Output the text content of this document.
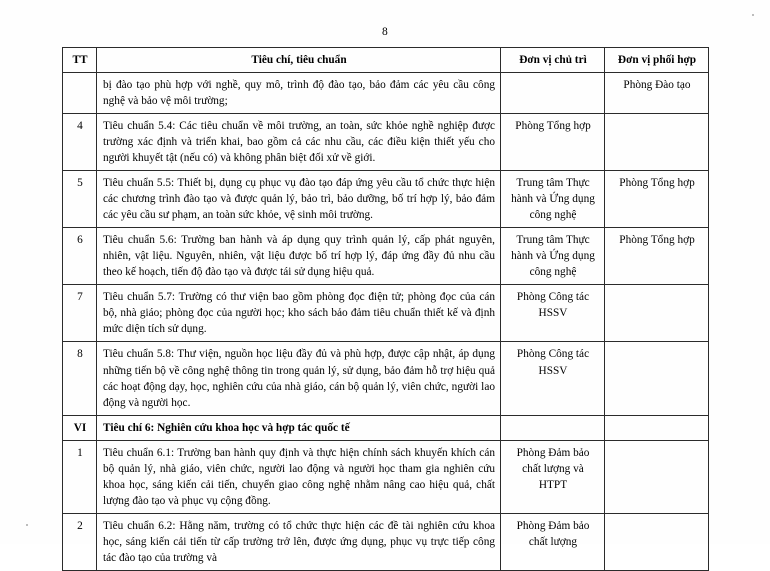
8
TT	Tiêu chí, tiêu chuẩn	Đơn vị chủ trì	Đơn vị phối hợp
	bị đào tạo phù hợp với nghề, quy mô, trình độ đào tạo, bảo đảm các yêu cầu công nghệ và bảo vệ môi trường;		Phòng Đào tạo
4	Tiêu chuẩn 5.4: Các tiêu chuẩn về môi trường, an toàn, sức khỏe nghề nghiệp được trường xác định và triển khai, bao gồm cả các nhu cầu, các điều kiện thiết yếu cho người khuyết tật (nếu có) và không phân biệt đối xử về giới.	Phòng Tổng hợp	
5	Tiêu chuẩn 5.5: Thiết bị, dụng cụ phục vụ đào tạo đáp ứng yêu cầu tổ chức thực hiện các chương trình đào tạo và được quản lý, bảo trì, bảo dưỡng, bố trí hợp lý, bảo đảm các yêu cầu sư phạm, an toàn sức khỏe, vệ sinh môi trường.	Trung tâm Thực hành và Ứng dụng công nghệ	Phòng Tổng hợp
6	Tiêu chuẩn 5.6: Trường ban hành và áp dụng quy trình quản lý, cấp phát nguyên, nhiên, vật liệu. Nguyên, nhiên, vật liệu được bố trí hợp lý, đáp ứng đầy đủ nhu cầu theo kế hoạch, tiến độ đào tạo và được tái sử dụng hiệu quả.	Trung tâm Thực hành và Ứng dụng công nghệ	Phòng Tổng hợp
7	Tiêu chuẩn 5.7: Trường có thư viện bao gồm phòng đọc điện tử; phòng đọc của cán bộ, nhà giáo; phòng đọc của người học; kho sách bảo đảm tiêu chuẩn thiết kế và định mức diện tích sử dụng.	Phòng Công tác HSSV	
8	Tiêu chuẩn 5.8: Thư viện, nguồn học liệu đầy đủ và phù hợp, được cập nhật, áp dụng những tiến bộ về công nghệ thông tin trong quản lý, sử dụng, bảo đảm hỗ trợ hiệu quả các hoạt động dạy, học, nghiên cứu của nhà giáo, cán bộ quản lý, viên chức, người lao động và người học.	Phòng Công tác HSSV	
VI	Tiêu chí 6: Nghiên cứu khoa học và hợp tác quốc tế		
1	Tiêu chuẩn 6.1: Trường ban hành quy định và thực hiện chính sách khuyến khích cán bộ quản lý, nhà giáo, viên chức, người lao động và người học tham gia nghiên cứu khoa học, sáng kiến cải tiến, chuyển giao công nghệ nhằm nâng cao hiệu quả, chất lượng đào tạo và phục vụ cộng đồng.	Phòng Đảm bảo chất lượng và HTPT	
2	Tiêu chuẩn 6.2: Hằng năm, trường có tổ chức thực hiện các đề tài nghiên cứu khoa học, sáng kiến cải tiến từ cấp trường trở lên, được ứng dụng, phục vụ trực tiếp công tác đào tạo của trường và	Phòng Đảm bảo chất lượng	
